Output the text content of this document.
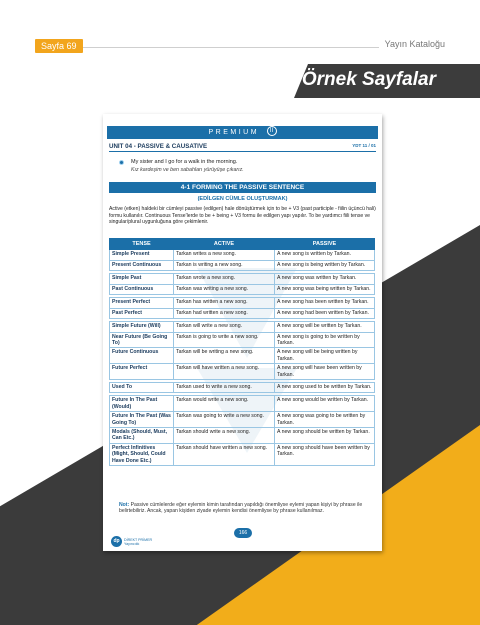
Sayfa 69	Yayın Kataloğu
Örnek Sayfalar
PREMIUM II
UNIT 04 - PASSIVE & CAUSATIVE	YDT 11 / 01
My sister and I go for a walk in the morning.
Kız kardeşim ve ben sabahları yürüyüşe çıkarız.
4-1 FORMING THE PASSIVE SENTENCE
(EDİLGEN CÜMLE OLUŞTURMAK)
Active (etken) haldeki bir cümleyi passive (edilgen) hale dönüştürmek için to be + V3 (past participle - fiilin üçüncü hali) formu kullanılır. Continuous Tense'lerde to be + being + V3 formu ile edilgen yapı yapılır. To be yardımcı fiili tense ve singular/plural uygunluğuna göre çekimlenir.
TENSE	ACTIVE	PASSIVE
Simple Present	Tarkan writes a new song.	A new song is written by Tarkan.
Present Continuous	Tarkan is writing a new song.	A new song is being written by Tarkan.

Simple Past	Tarkan wrote a new song.	A new song was written by Tarkan.
Past Continuous	Tarkan was writing a new song.	A new song was being written by Tarkan.

Present Perfect	Tarkan has written a new song.	A new song has been written by Tarkan.
Past Perfect	Tarkan had written a new song.	A new song had been written by Tarkan.

Simple Future (Will)	Tarkan will write a new song.	A new song will be written by Tarkan.
Near Future (Be Going To)	Tarkan is going to write a new song.	A new song is going to be written by Tarkan.
Future Continuous	Tarkan will be writing a new song.	A new song will be being written by Tarkan.
Future Perfect	Tarkan will have written a new song.	A new song will have been written by Tarkan.

Used To	Tarkan used to write a new song.	A new song used to be written by Tarkan.

Future In The Past (Would)	Tarkan would write a new song.	A new song would be written by Tarkan.
Future In The Past (Was Going To)	Tarkan was going to write a new song.	A new song was going to be written by Tarkan.
Modals (Should, Must, Can Etc.)	Tarkan should write a new song.	A new song should be written by Tarkan.
Perfect Infinitives (Might, Should, Could Have Done Etc.)	Tarkan should have written a new song.	A new song should have been written by Tarkan.
Not: Passive cümlelerde eğer eylemin kimin tarafından yapıldığı önemliyse eylemi yapan kişiyi by phrase ile belirtebiliriz. Ancak, yapan kişiden ziyade eylemin kendisi önemliyse by phrase kullanılmaz.
166
dp	DİREKT PRİMER
Yayıncılık
